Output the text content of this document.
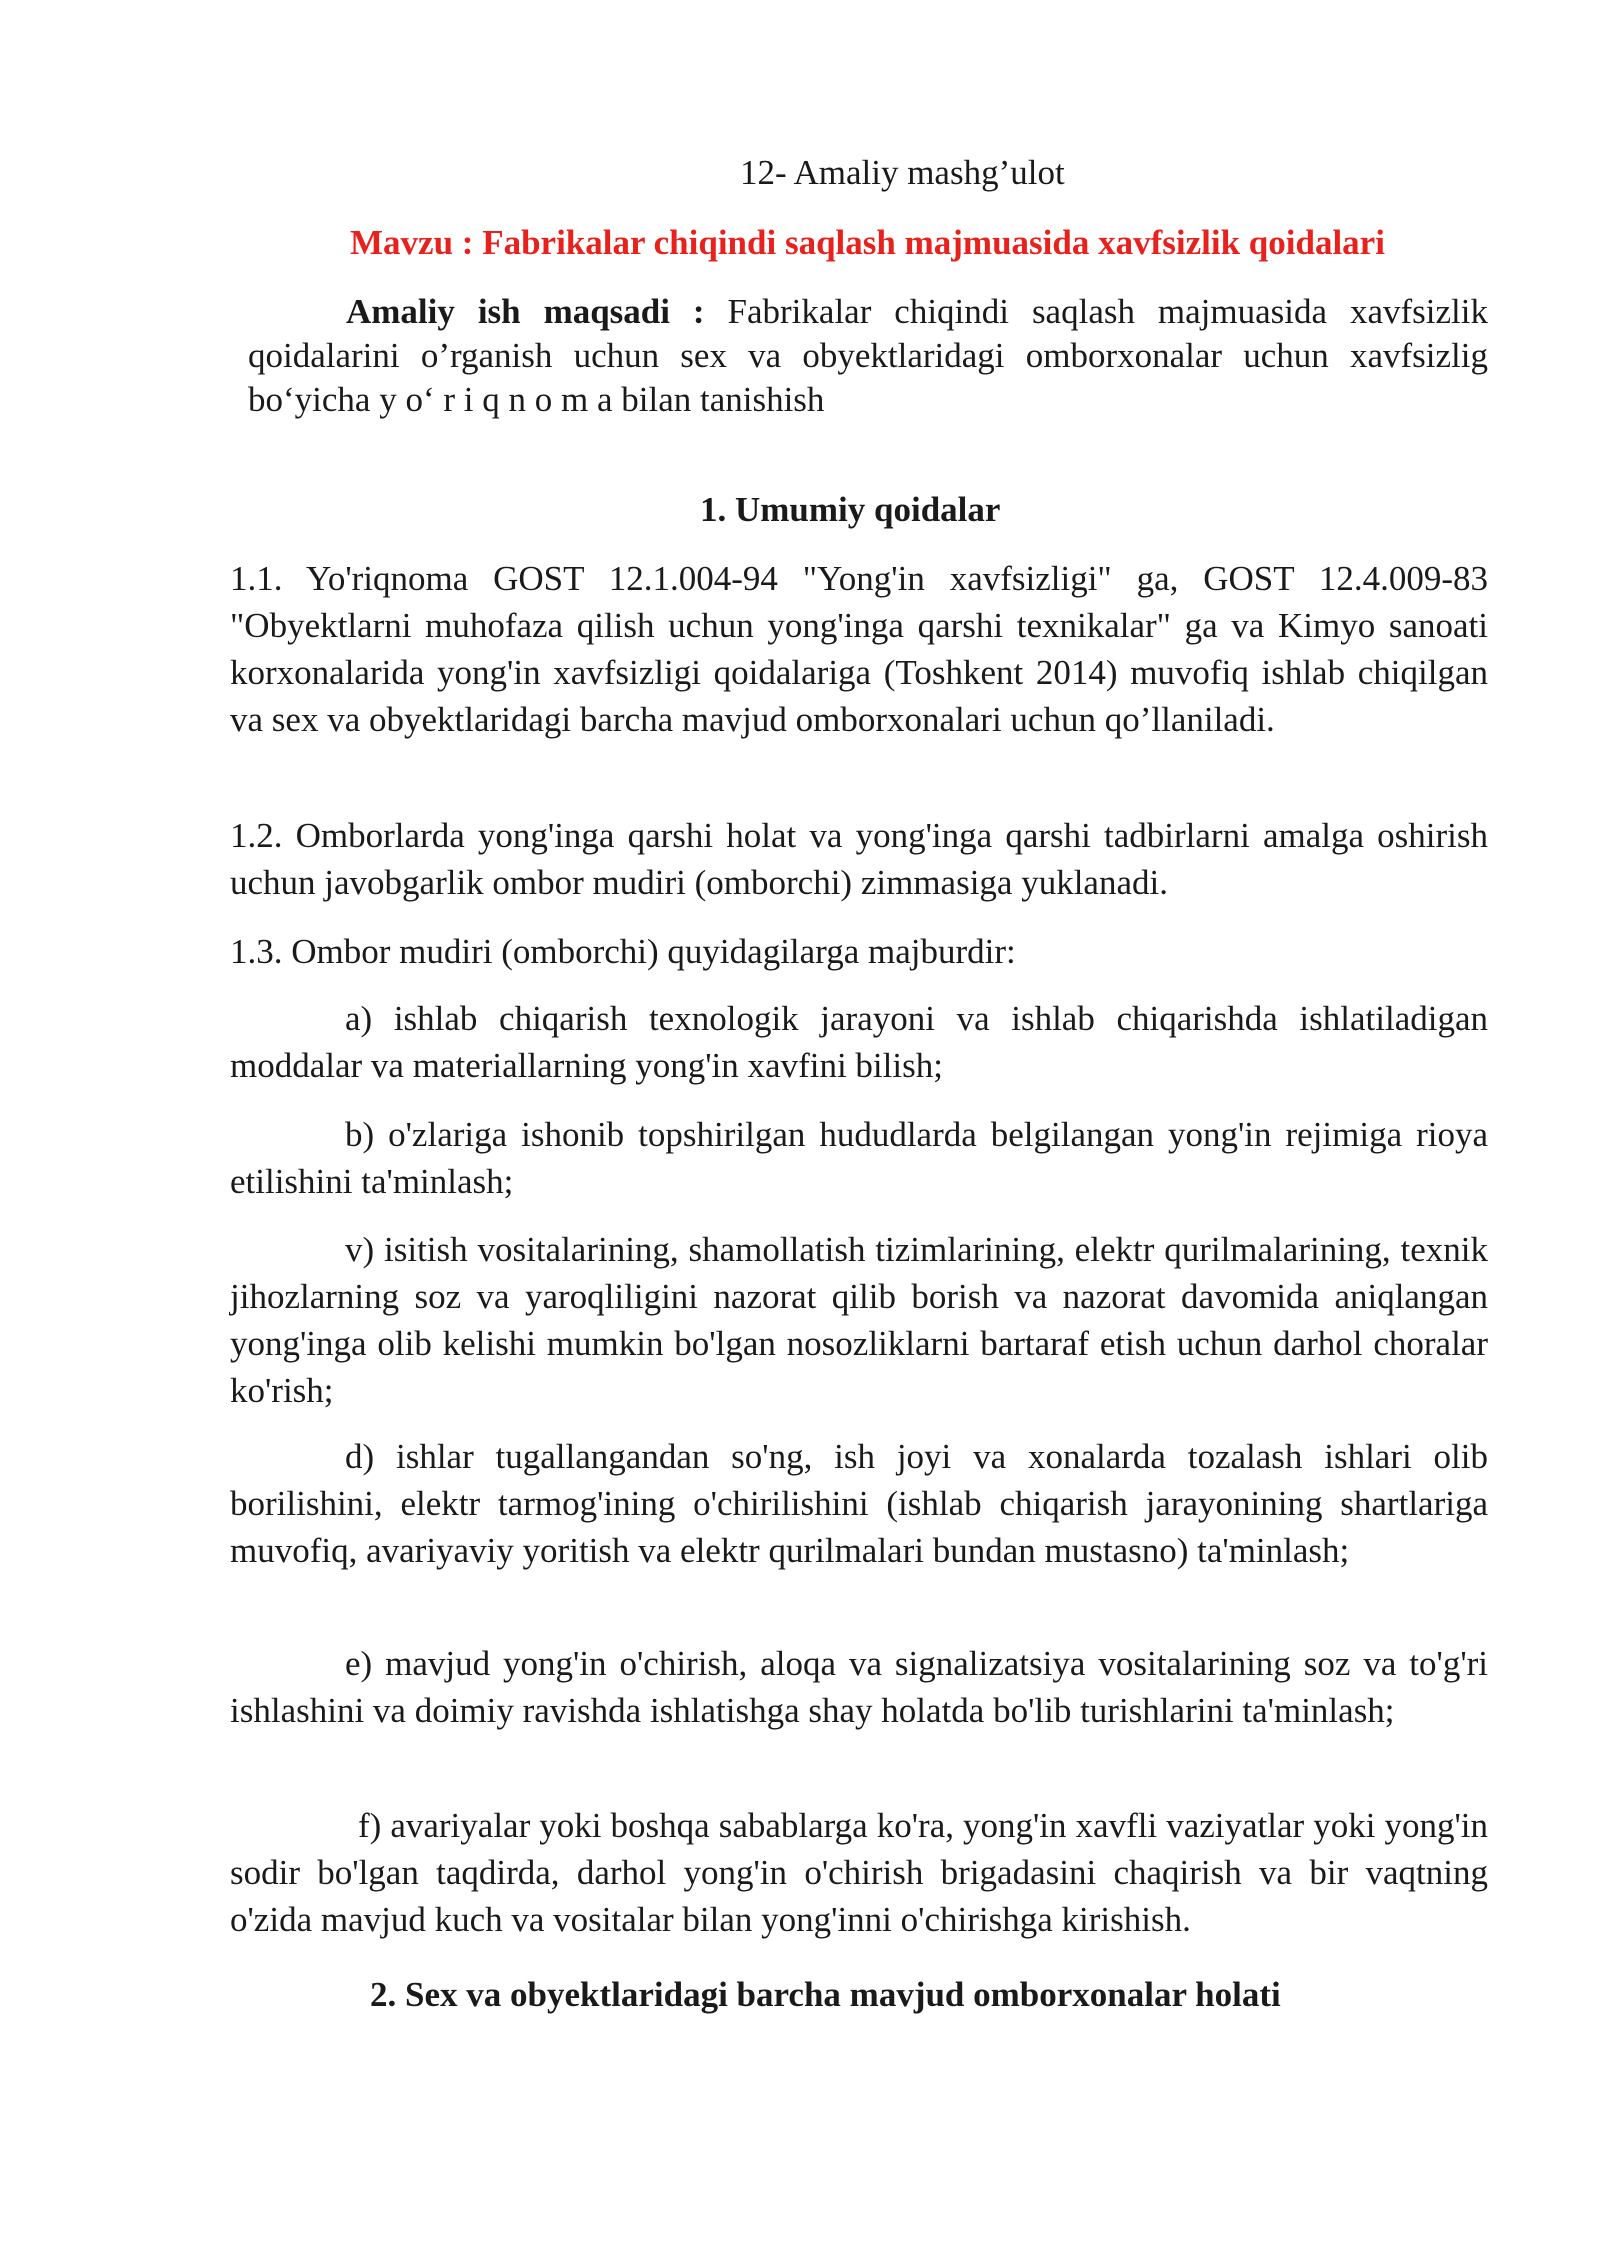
12- Amaliy mashg’ulot
Mavzu : Fabrikalar chiqindi saqlash majmuasida xavfsizlik qoidalari
Amaliy ish maqsadi : Fabrikalar chiqindi saqlash majmuasida xavfsizlik qoidalarini o’rganish uchun sex va obyektlaridagi omborxonalar uchun xavfsizlig bo‘yicha y o‘ r i q n o m a bilan tanishish
1. Umumiy qoidalar

1.1. Yo'riqnoma GOST 12.1.004-94 "Yong'in xavfsizligi" ga, GOST 12.4.009-83 "Obyektlarni muhofaza qilish uchun yong'inga qarshi texnikalar" ga va Kimyo sanoati korxonalarida yong'in xavfsizligi qoidalariga (Toshkent 2014) muvofiq ishlab chiqilgan va sex va obyektlaridagi barcha mavjud omborxonalari uchun qo’llaniladi.

1.2. Omborlarda yong'inga qarshi holat va yong'inga qarshi tadbirlarni amalga oshirish uchun javobgarlik ombor mudiri (omborchi) zimmasiga yuklanadi.

1.3. Ombor mudiri (omborchi) quyidagilarga majburdir:

a) ishlab chiqarish texnologik jarayoni va ishlab chiqarishda ishlatiladigan moddalar va materiallarning yong'in xavfini bilish;

b) o'zlariga ishonib topshirilgan hududlarda belgilangan yong'in rejimiga rioya etilishini ta'minlash;

v) isitish vositalarining, shamollatish tizimlarining, elektr qurilmalarining, texnik jihozlarning soz va yaroqliligini nazorat qilib borish va nazorat davomida aniqlangan yong'inga olib kelishi mumkin bo'lgan nosozliklarni bartaraf etish uchun darhol choralar ko'rish;

d) ishlar tugallangandan so'ng, ish joyi va xonalarda tozalash ishlari olib borilishini, elektr tarmog'ining o'chirilishini (ishlab chiqarish jarayonining shartlariga muvofiq, avariyaviy yoritish va elektr qurilmalari bundan mustasno) ta'minlash;

e) mavjud yong'in o'chirish, aloqa va signalizatsiya vositalarining soz va to'g'ri ishlashini va doimiy ravishda ishlatishga shay holatda bo'lib turishlarini ta'minlash;

f) avariyalar yoki boshqa sabablarga ko'ra, yong'in xavfli vaziyatlar yoki yong'in sodir bo'lgan taqdirda, darhol yong'in o'chirish brigadasini chaqirish va bir vaqtning o'zida mavjud kuch va vositalar bilan yong'inni o'chirishga kirishish.

2. Sex va obyektlaridagi barcha mavjud omborxonalar holati
